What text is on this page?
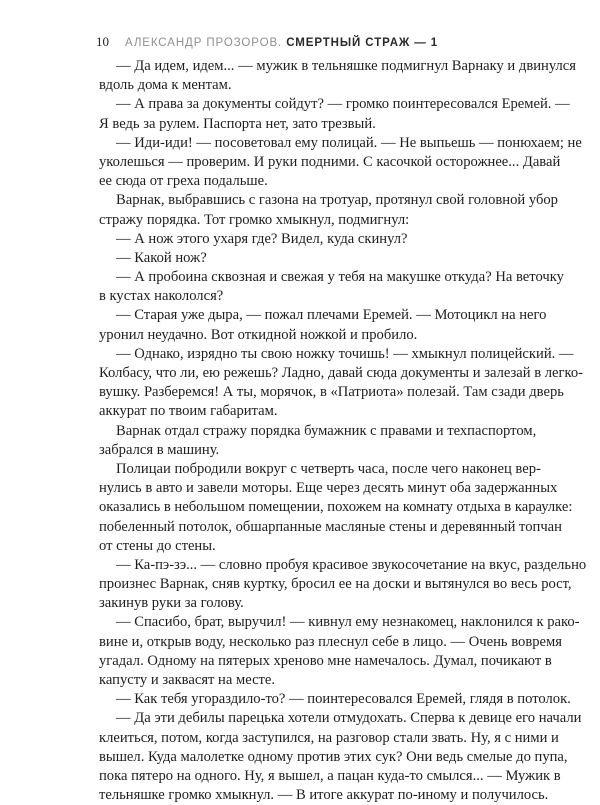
10 АЛЕКСАНДР ПРОЗОРОВ. СМЕРТНЫЙ СТРАЖ — 1
— Да идем, идем... — мужик в тельняшке подмигнул Варнаку и двинулся
вдоль дома к ментам.
— А права за документы сойдут? — громко поинтересовался Еремей. —
Я ведь за рулем. Паспорта нет, зато трезвый.
— Иди-иди! — посоветовал ему полицай. — Не выпьешь — понюхаем; не
уколешься — проверим. И руки подними. С касочкой осторожнее... Давай
ее сюда от греха подальше.
Варнак, выбравшись с газона на тротуар, протянул свой головной убор
стражу порядка. Тот громко хмыкнул, подмигнул:
— А нож этого ухаря где? Видел, куда скинул?
— Какой нож?
— А пробоина сквозная и свежая у тебя на макушке откуда? На веточку
в кустах накололся?
— Старая уже дыра, — пожал плечами Еремей. — Мотоцикл на него
уронил неудачно. Вот откидной ножкой и пробило.
— Однако, изрядно ты свою ножку точишь! — хмыкнул полицейский. —
Колбасу, что ли, ею режешь? Ладно, давай сюда документы и залезай в легко-
вушку. Разберемся! А ты, морячок, в «Патриота» полезай. Там сзади дверь
аккурат по твоим габаритам.
Варнак отдал стражу порядка бумажник с правами и техпаспортом,
забрался в машину.
Полицаи побродили вокруг с четверть часа, после чего наконец вер-
нулись в авто и завели моторы. Еще через десять минут оба задержанных
оказались в небольшом помещении, похожем на комнату отдыха в караулке:
побеленный потолок, обшарпанные масляные стены и деревянный топчан
от стены до стены.
— Ка-пэ-зэ... — словно пробуя красивое звукосочетание на вкус, раздельно
произнес Варнак, сняв куртку, бросил ее на доски и вытянулся во весь рост,
закинув руки за голову.
— Спасибо, брат, выручил! — кивнул ему незнакомец, наклонился к рако-
вине и, открыв воду, несколько раз плеснул себе в лицо. — Очень вовремя
угадал. Одному на пятерых хреново мне намечалось. Думал, почикают в
капусту и заквасят на месте.
— Как тебя угораздило-то? — поинтересовался Еремей, глядя в потолок.
— Да эти дебилы парецька хотели отмудохать. Сперва к девице его начали
клеиться, потом, когда заступился, на разговор стали звать. Ну, я с ними и
вышел. Куда малолетке одному против этих сук? Они ведь смелые до пупа,
пока пятеро на одного. Ну, я вышел, а пацан куда-то смылся... — Мужик в
тельняшке громко хмыкнул. — В итоге аккурат по-иному и получилось.
